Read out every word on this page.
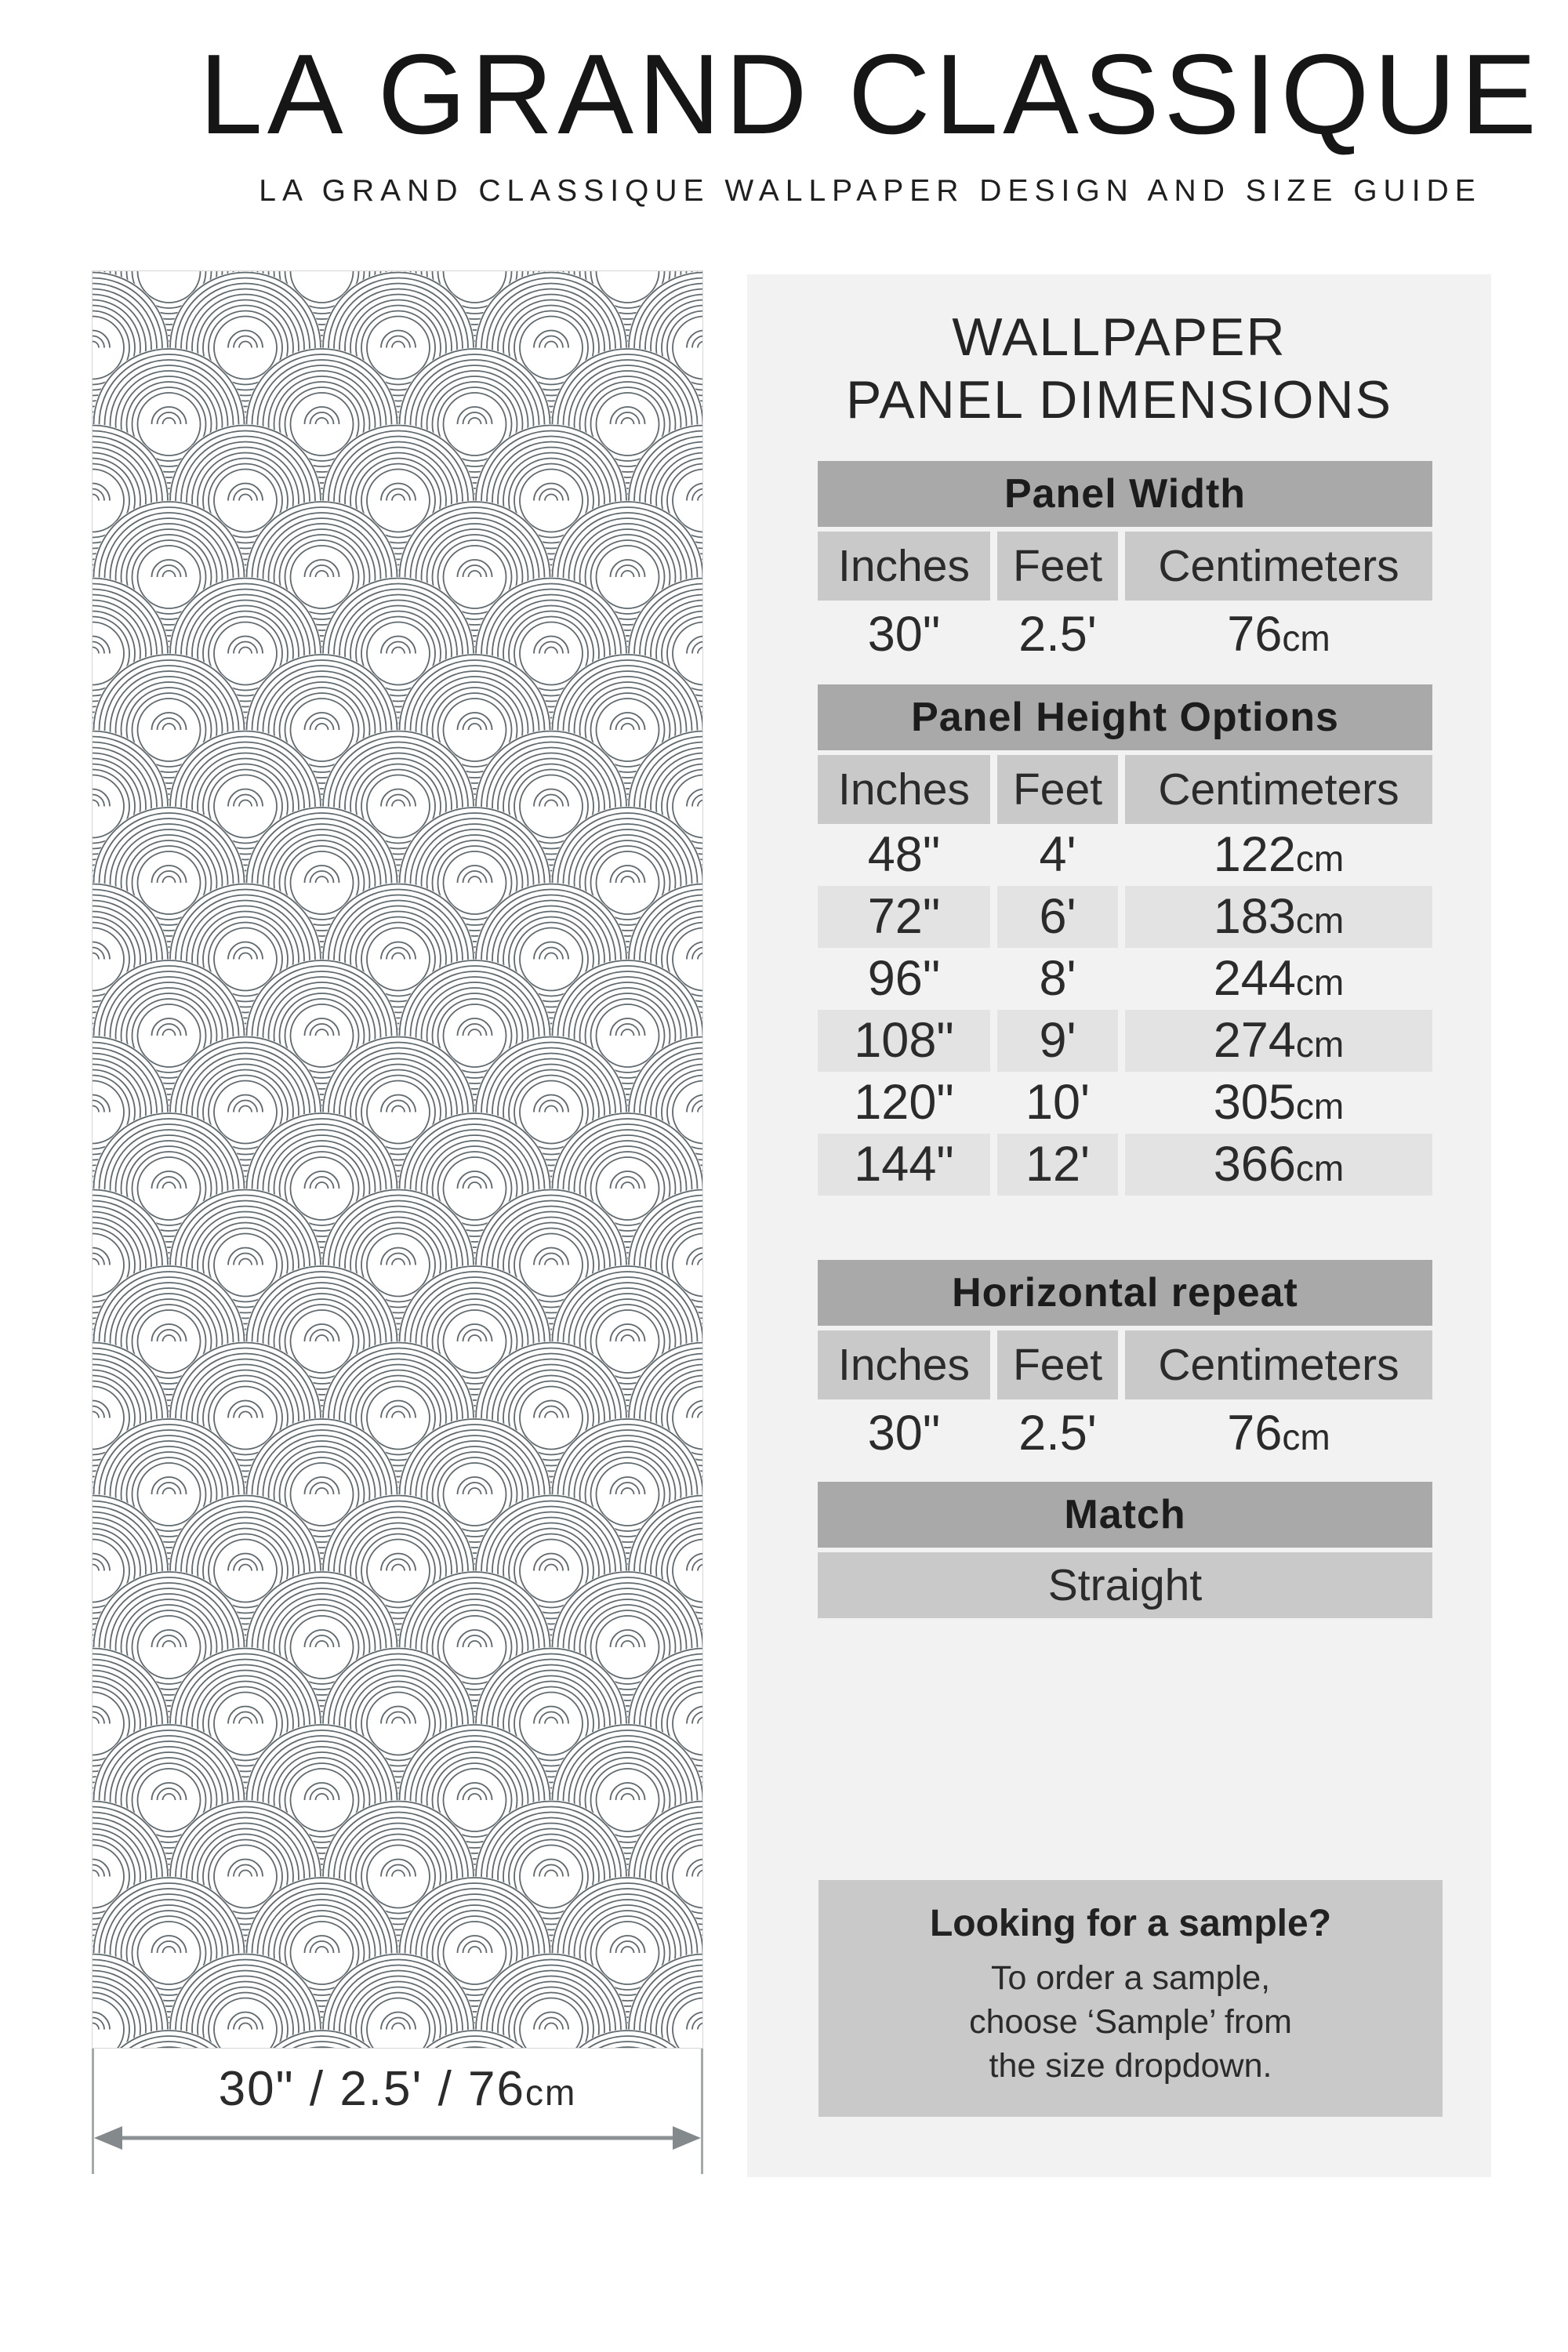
LA GRAND CLASSIQUE
LA GRAND CLASSIQUE WALLPAPER DESIGN AND SIZE GUIDE
30" / 2.5' / 76cm
WALLPAPER
PANEL DIMENSIONS
Panel Width
Inches Feet	Centimeters
30"	2.5'	76cm
Panel Height Options
Inches Feet	Centimeters
48"	4'	122cm
72"	6'	183cm
96"	8'	244cm
108"	9'	274cm
120"	10'	305cm
144"	12'	366cm
Horizontal repeat
Inches Feet	Centimeters
30"	2.5'	76cm
Match
Straight
Looking for a sample?
To order a sample,
choose ‘Sample’ from
the size dropdown.
